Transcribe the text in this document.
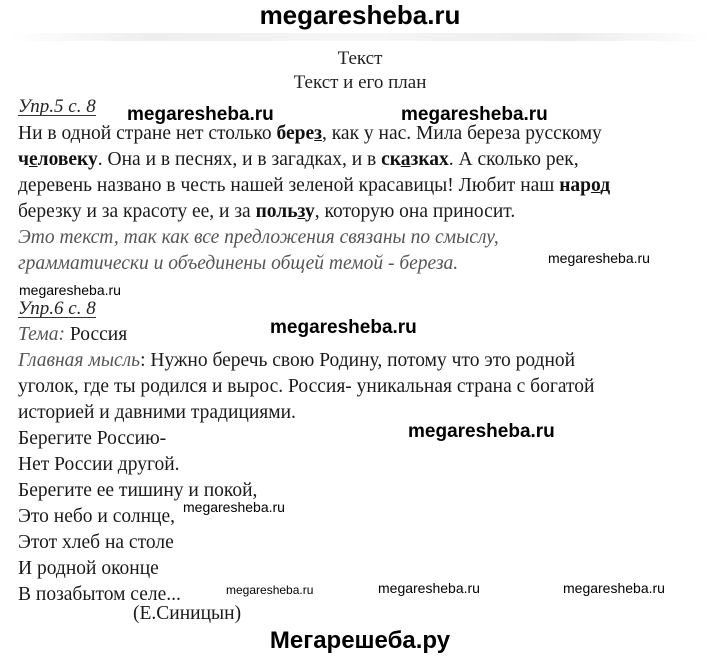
megaresheba.ru
Текст
Текст и его план
Упр.5 с. 8
Ни в одной стране нет столько берез, как у нас. Мила береза русскому
человеку. Она и в песнях, и в загадках, и в сказках. А сколько рек,
деревень названо в честь нашей зеленой красавицы! Любит наш народ
березку и за красоту ее, и за пользу, которую она приносит.
Это текст, так как все предложения связаны по смыслу,
грамматически и объединены общей темой - береза.
Упр.6 с. 8
Тема: Россия
Главная мысль: Нужно беречь свою Родину, потому что это родной
уголок, где ты родился и вырос. Россия- уникальная страна с богатой
историей и давними традициями.
Берегите Россию-
Нет России другой.
Берегите ее тишину и покой,
Это небо и солнце,
Этот хлеб на столе
И родной оконце
В позабытом селе...
(Е.Синицын)
megaresheba.ru	megaresheba.ru
megaresheba.ru
megaresheba.ru
megaresheba.ru
megaresheba.ru
megaresheba.ru
megaresheba.ru	megaresheba.ru	megaresheba.ru
Мегарешеба.ру
